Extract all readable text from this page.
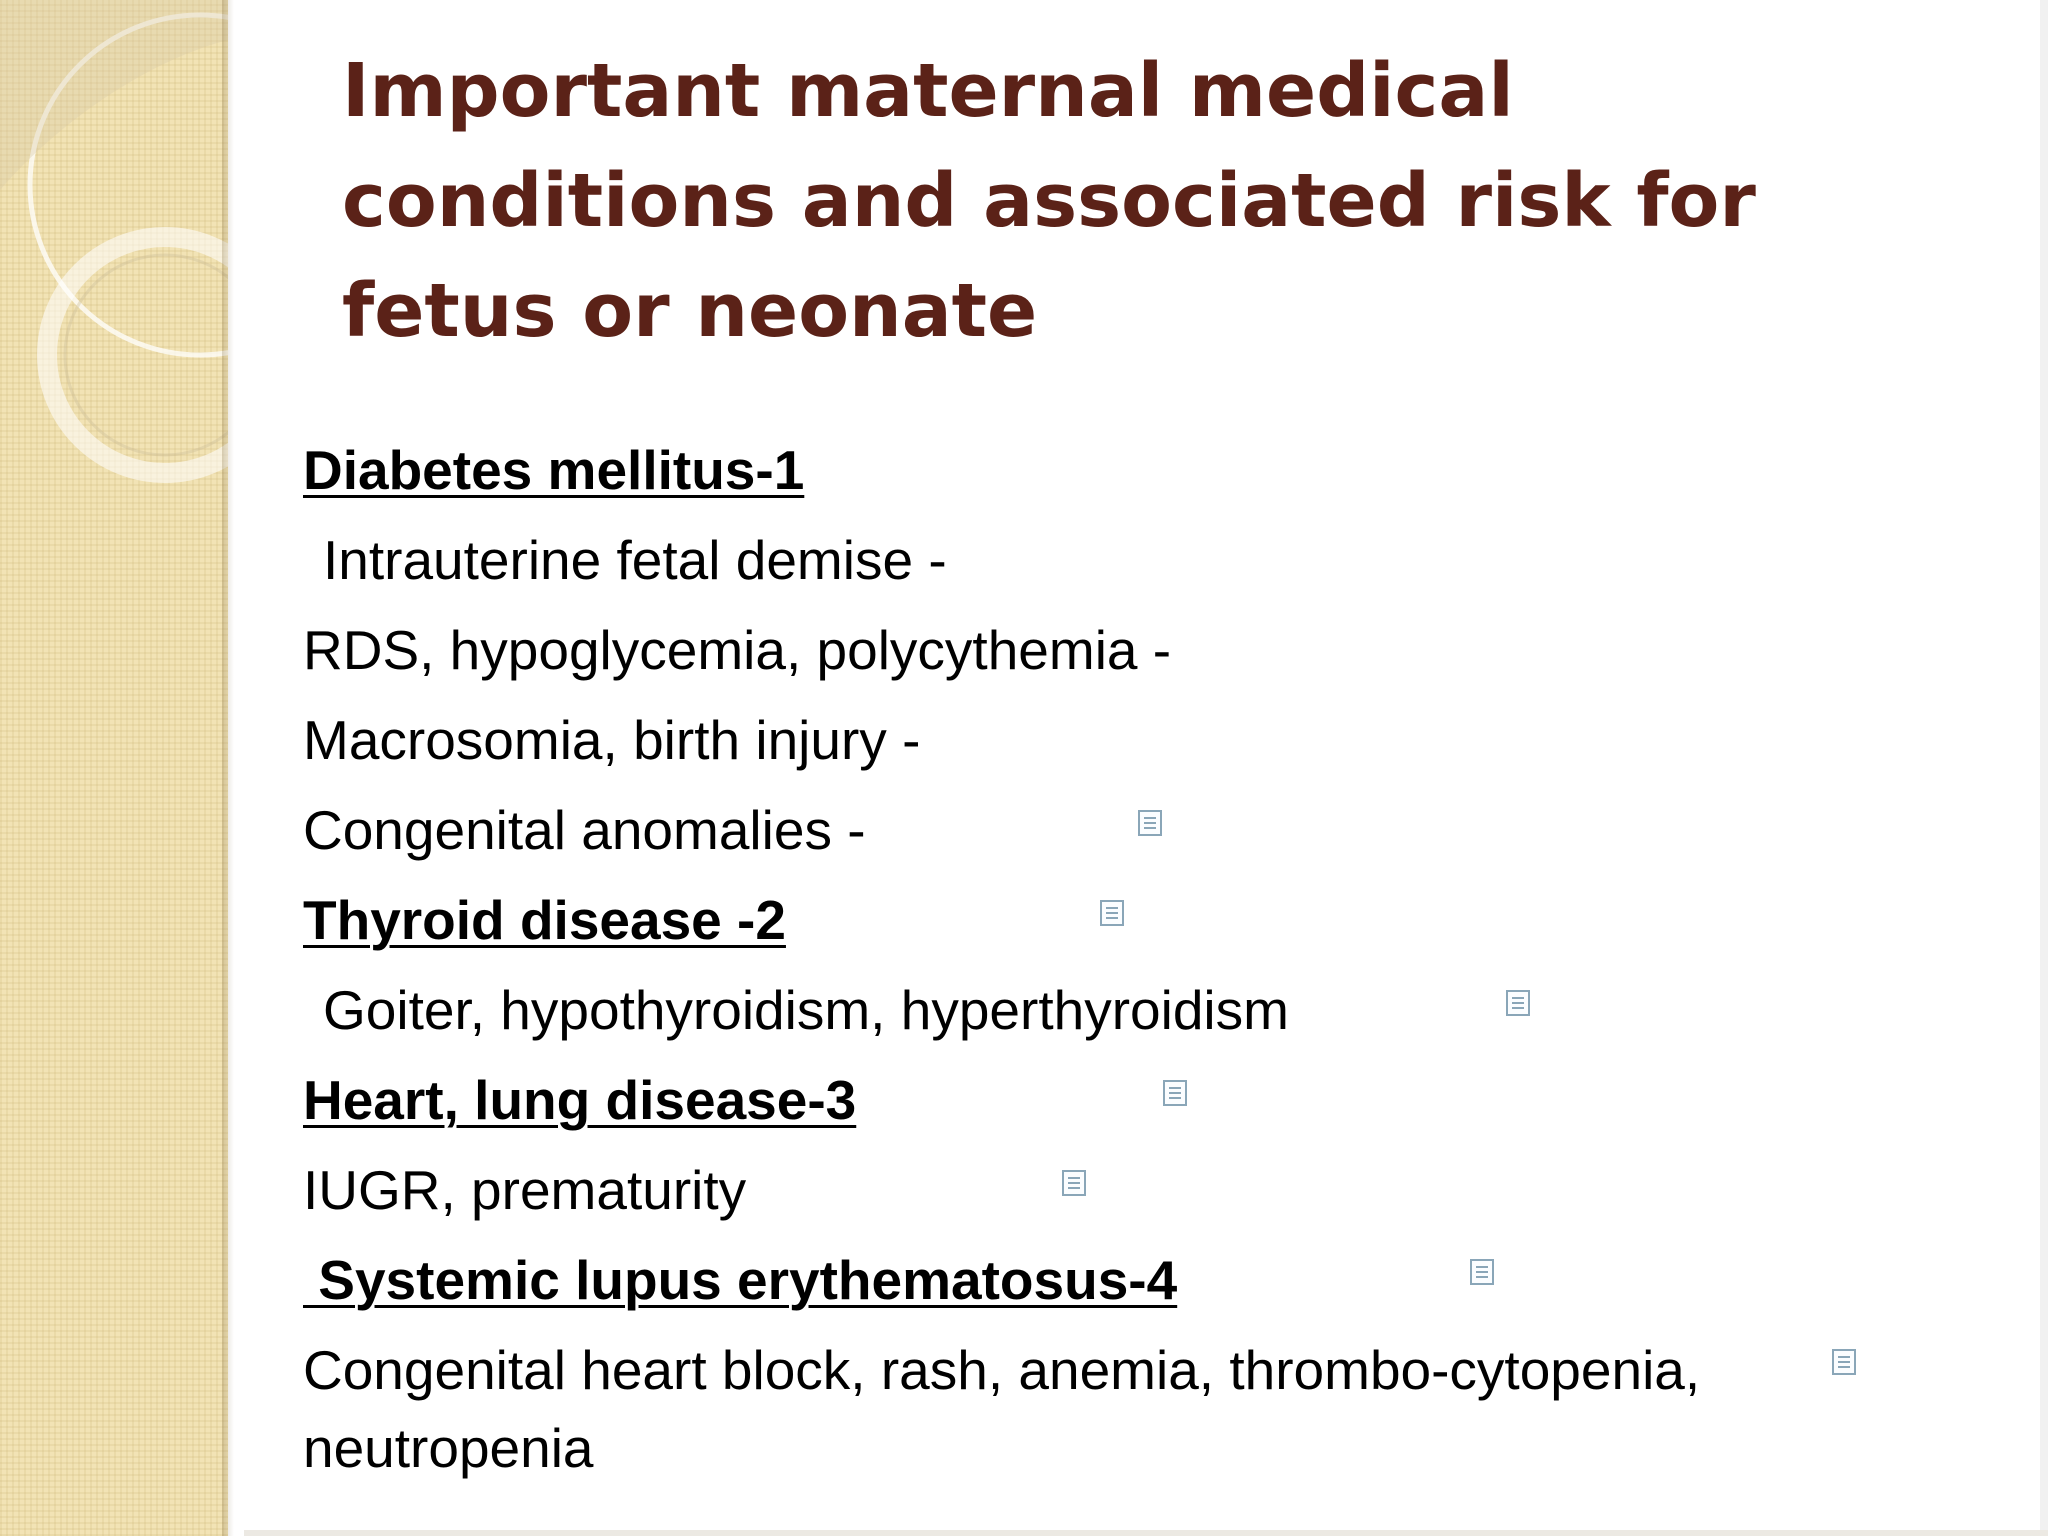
Important maternal medical conditions and associated risk for fetus or neonate
Diabetes mellitus-1
Intrauterine fetal demise -
RDS, hypoglycemia, polycythemia -
Macrosomia, birth injury -
Congenital anomalies -
Thyroid disease -2
Goiter, hypothyroidism, hyperthyroidism
Heart, lung disease-3
IUGR, prematurity
Systemic lupus erythematosus-4
Congenital heart block, rash, anemia, thrombo-cytopenia, neutropenia
